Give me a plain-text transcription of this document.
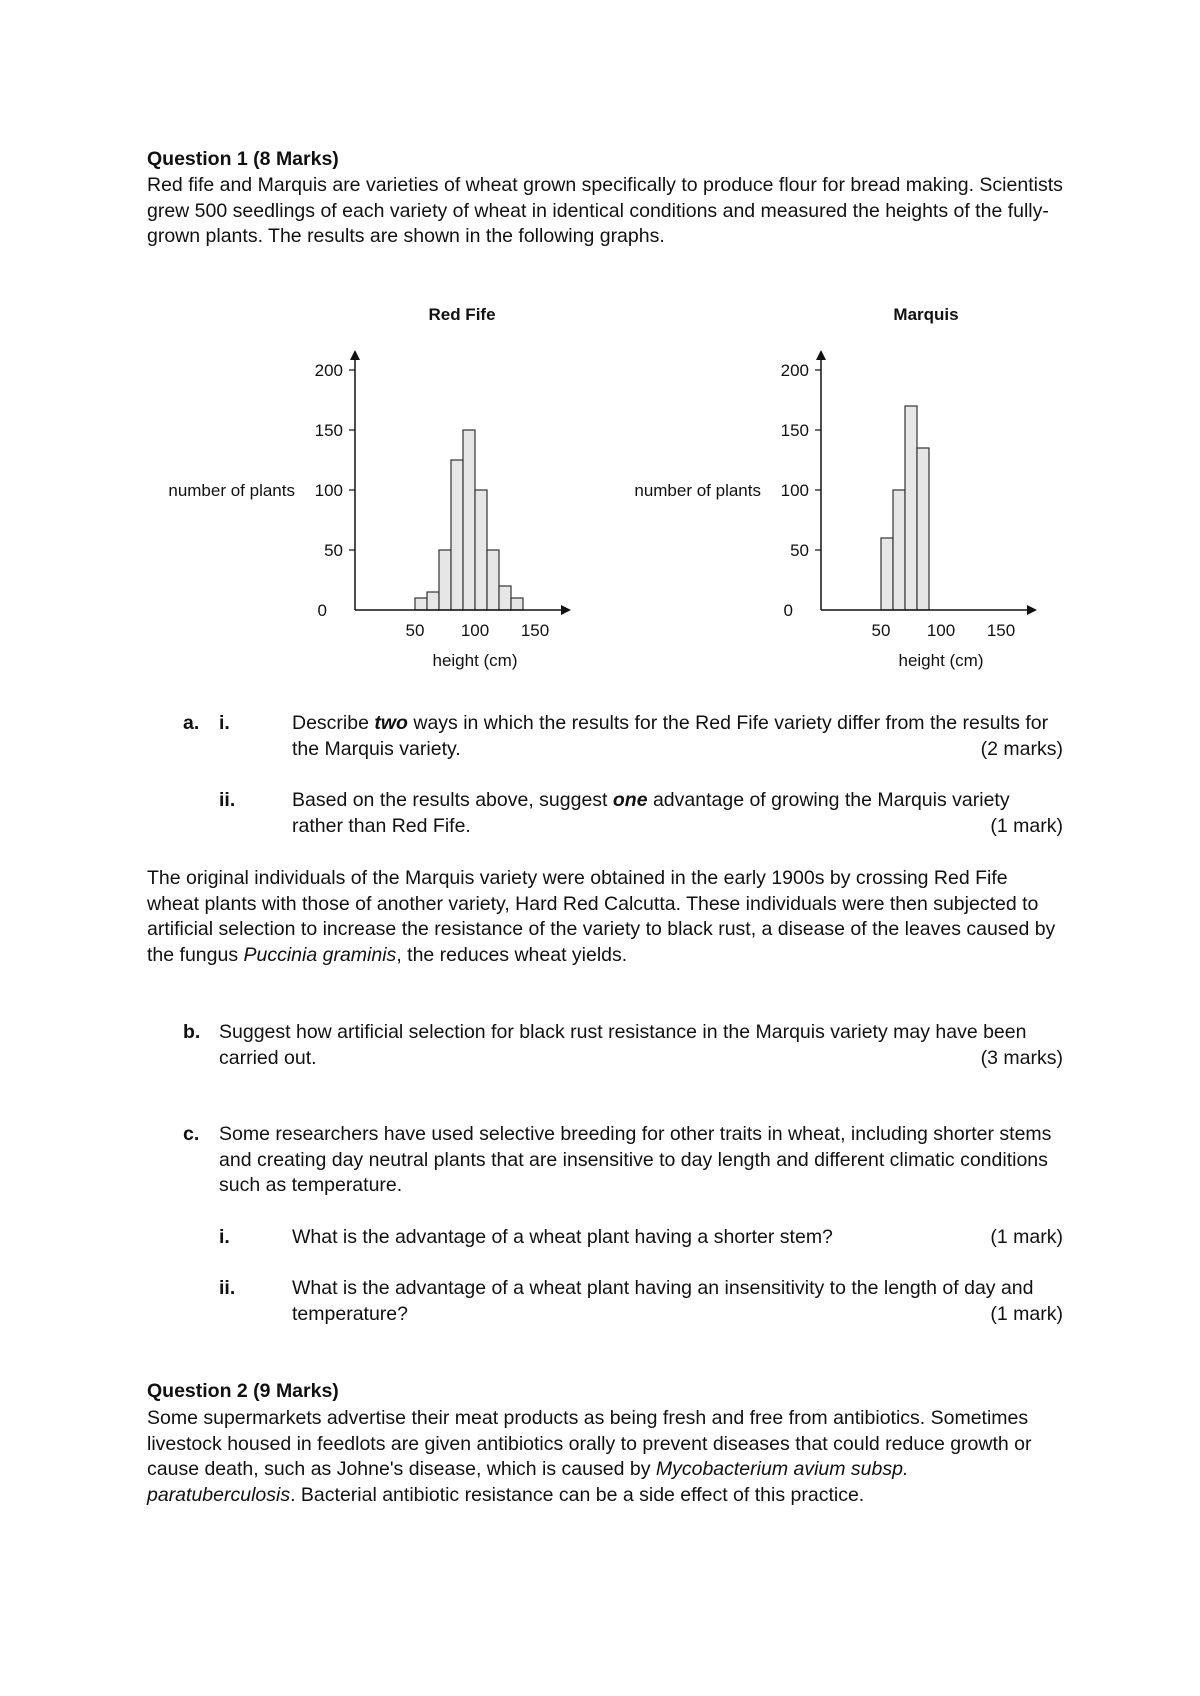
Question 1 (8 Marks)
Red fife and Marquis are varieties of wheat grown specifically to produce flour for bread making. Scientists grew 500 seedlings of each variety of wheat in identical conditions and measured the heights of the fully-grown plants. The results are shown in the following graphs.
Red Fife
number of plants
0
50
100
150
200
50 100 150
height (cm)
Marquis
number of plants
0
50
100
150
200
50 100 150
height (cm)
a. i.	Describe two ways in which the results for the Red Fife variety differ from the results for the Marquis variety.	(2 marks)
ii.	Based on the results above, suggest one advantage of growing the Marquis variety rather than Red Fife.	(1 mark)
The original individuals of the Marquis variety were obtained in the early 1900s by crossing Red Fife wheat plants with those of another variety, Hard Red Calcutta. These individuals were then subjected to artificial selection to increase the resistance of the variety to black rust, a disease of the leaves caused by the fungus Puccinia graminis, the reduces wheat yields.
b. Suggest how artificial selection for black rust resistance in the Marquis variety may have been carried out.	(3 marks)
c. Some researchers have used selective breeding for other traits in wheat, including shorter stems and creating day neutral plants that are insensitive to day length and different climatic conditions such as temperature.
i.	What is the advantage of a wheat plant having a shorter stem?	(1 mark)
ii.	What is the advantage of a wheat plant having an insensitivity to the length of day and temperature?	(1 mark)
Question 2 (9 Marks)
Some supermarkets advertise their meat products as being fresh and free from antibiotics. Sometimes livestock housed in feedlots are given antibiotics orally to prevent diseases that could reduce growth or cause death, such as Johne's disease, which is caused by Mycobacterium avium subsp. paratuberculosis. Bacterial antibiotic resistance can be a side effect of this practice.
